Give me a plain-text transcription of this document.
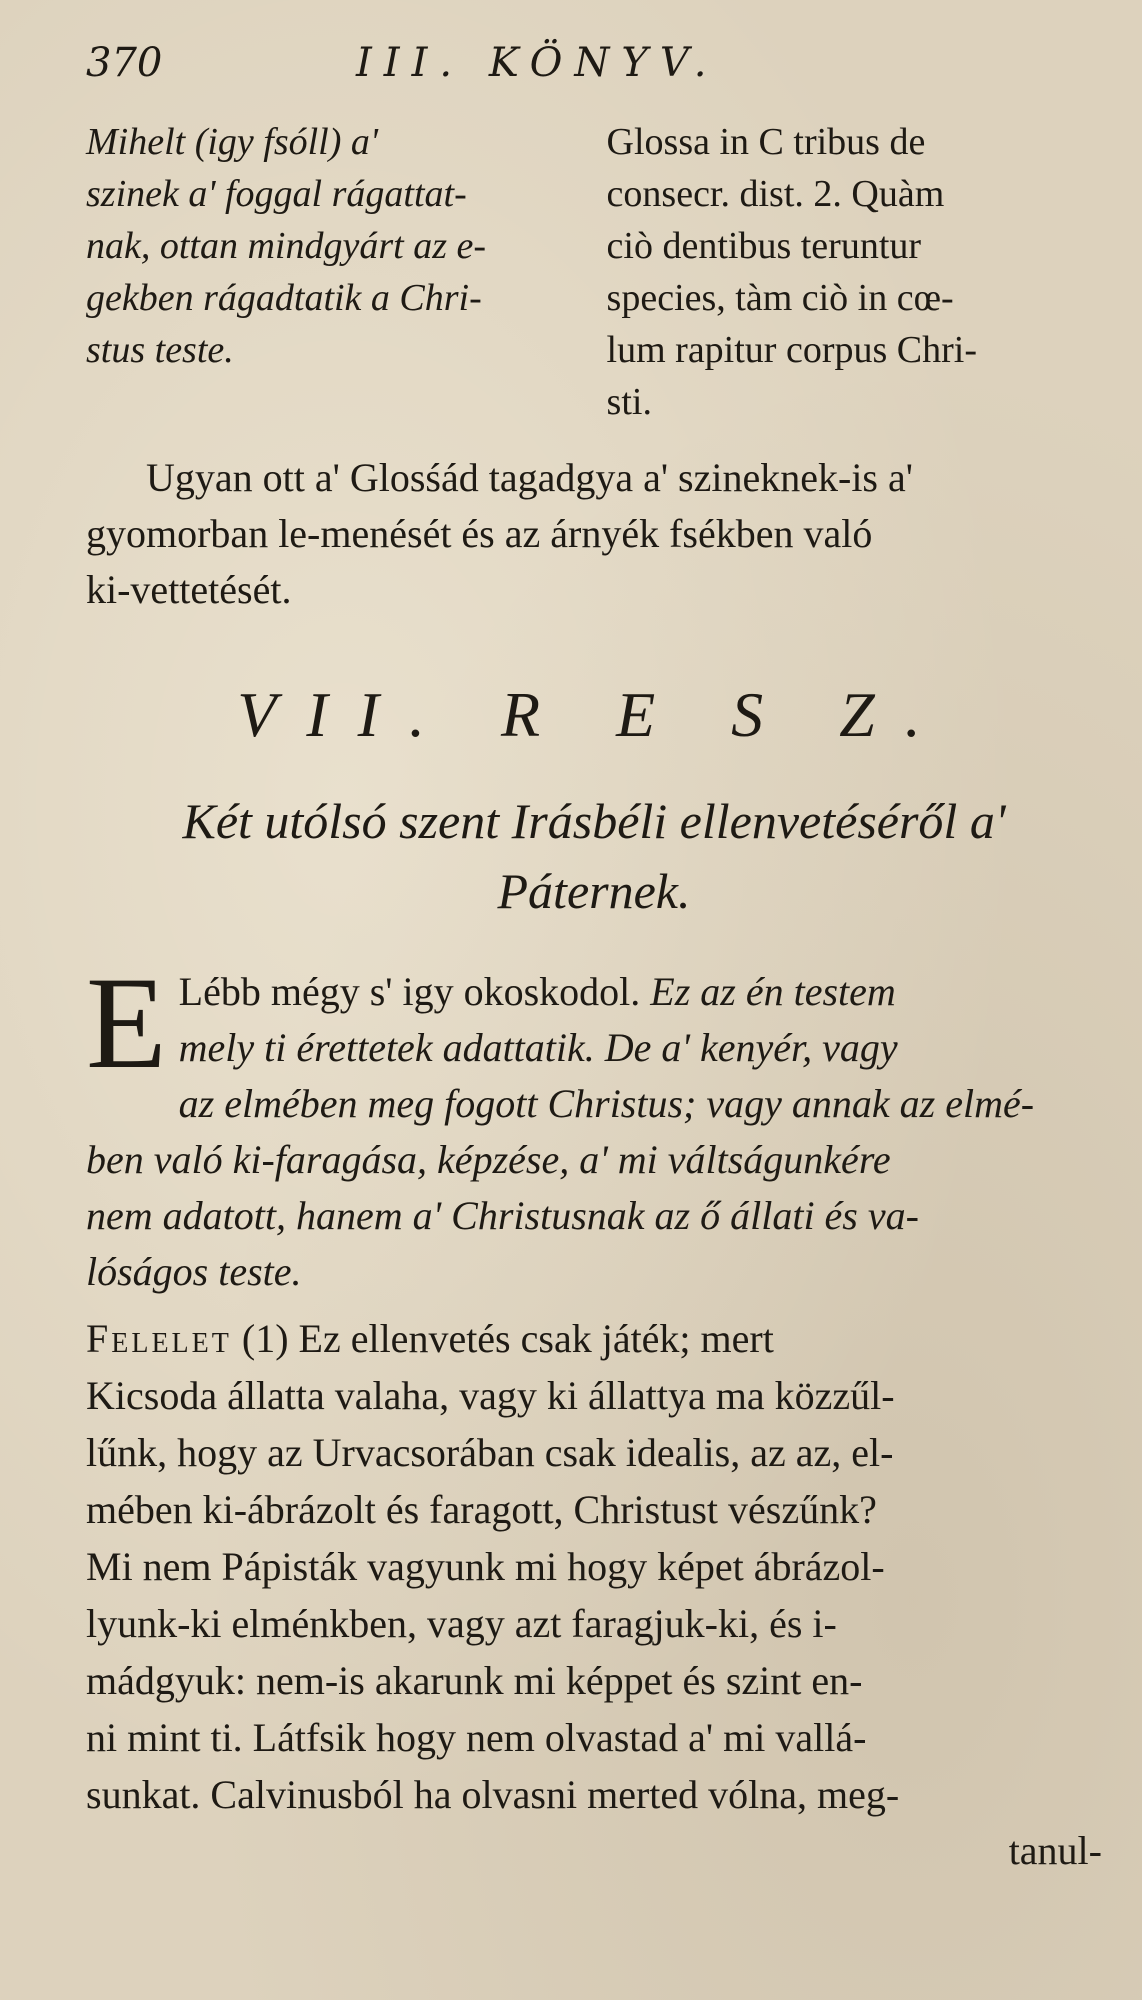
370	III. KÖNYV.
Mihelt (igy fsóll) a'
szinek a' foggal rágattat-
nak, ottan mindgyárt az e-
gekben rágadtatik a Chri-
stus teste.
Glossa in C tribus de
consecr. dist. 2. Quàm
ciò dentibus teruntur
species, tàm ciò in cœ-
lum rapitur corpus Chri-
sti.
Ugyan ott a' Glosśád tagadgya a' szineknek-is a'
gyomorban le-menését és az árnyék fsékben való
ki-vettetését.
VII. R E S Z.
Két utólsó szent Irásbéli ellenvetéséről a'
Páternek.
E Lébb mégy s' igy okoskodol. Ez az én testem
mely ti érettetek adattatik. De a' kenyér, vagy
az elmében meg fogott Christus; vagy annak az elmé-
ben való ki-faragása, képzése, a' mi váltságunkére
nem adatott, hanem a' Christusnak az ő állati és va-
lóságos teste.
Felelet (1) Ez ellenvetés csak játék; mert
Kicsoda állatta valaha, vagy ki állattya ma közzűl-
lűnk, hogy az Urvacsorában csak idealis, az az, el-
mében ki-ábrázolt és faragott, Christust vészűnk?
Mi nem Pápisták vagyunk mi hogy képet ábrázol-
lyunk-ki elménkben, vagy azt faragjuk-ki, és i-
mádgyuk: nem-is akarunk mi képpet és szint en-
ni mint ti. Látfsik hogy nem olvastad a' mi vallá-
sunkat. Calvinusból ha olvasni merted vólna, meg-
tanul-
